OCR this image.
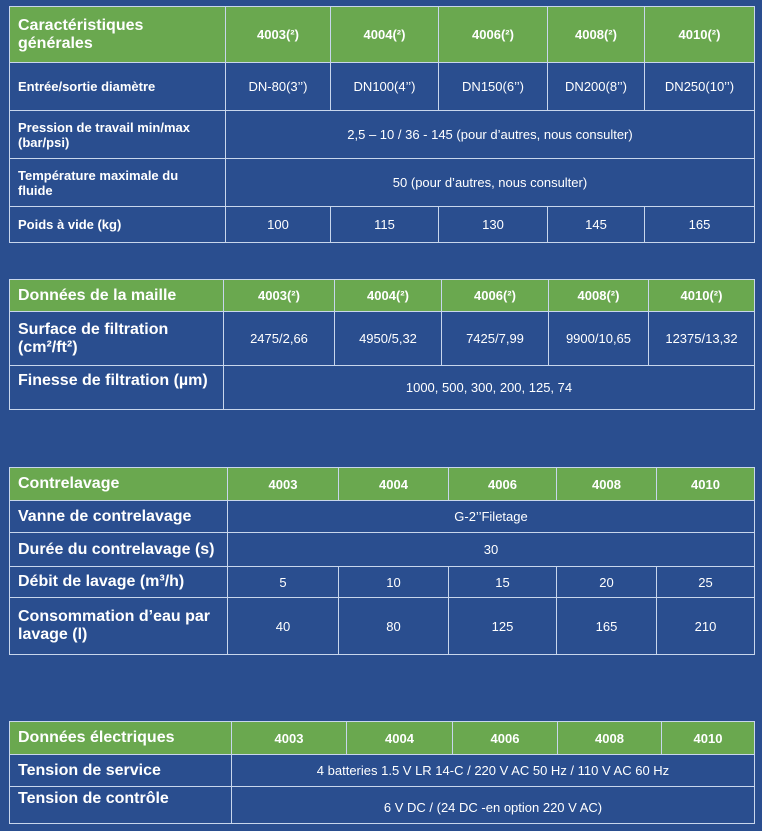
Caractéristiques
générales	4003(²)	4004(²)	4006(²)	4008(²)	4010(²)
Entrée/sortie diamètre	DN-80(3’’)	DN100(4’’)	DN150(6’’)	DN200(8’’)	DN250(10’’)
Pression de travail min/max
(bar/psi)	2,5 – 10 / 36 - 145 (pour d’autres, nous consulter)				
Température maximale du
fluide	50 (pour d’autres, nous consulter)				
Poids à vide (kg)	100	115	130	145	165
Données de la maille	4003(²)	4004(²)	4006(²)	4008(²)	4010(²)
Surface de filtration
(cm²/ft²)	2475/2,66	4950/5,32	7425/7,99	9900/10,65	12375/13,32
Finesse de filtration (µm)	1000, 500, 300, 200, 125, 74				
Contrelavage	4003	4004	4006	4008	4010
Vanne de contrelavage	G-2’’Filetage				
Durée du contrelavage (s)	30				
Débit de lavage (m³/h)	5	10	15	20	25
Consommation d’eau par
lavage (l)	40	80	125	165	210
Données électriques	4003	4004	4006	4008	4010
Tension de service	4 batteries 1.5 V LR 14-C / 220 V AC 50 Hz / 110 V AC 60 Hz				
Tension de contrôle	6 V DC / (24 DC -en option 220 V AC)				
